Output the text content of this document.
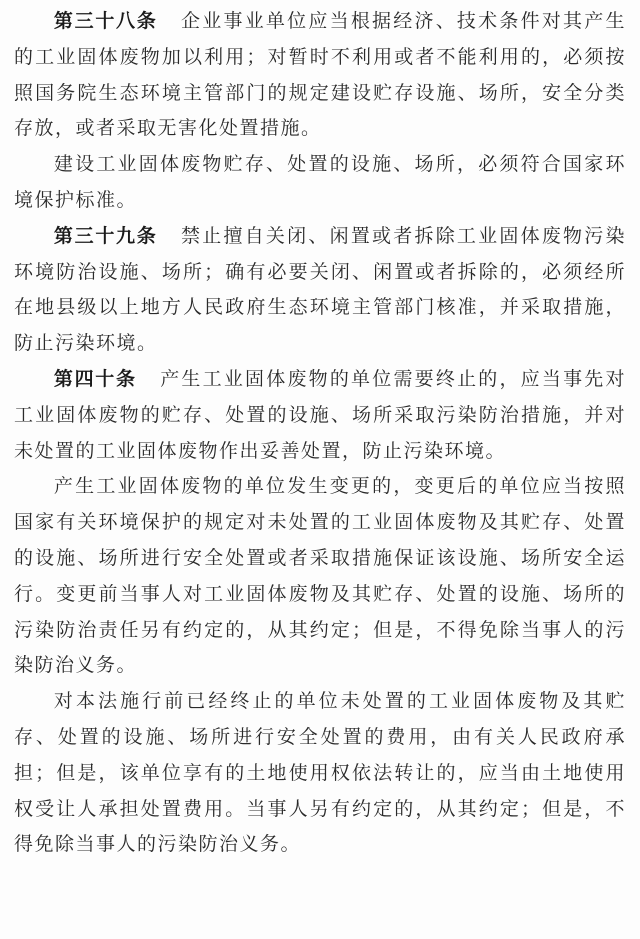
第三十八条 企业事业单位应当根据经济、技术条件对其产生的工业固体废物加以利用；对暂时不利用或者不能利用的，必须按照国务院生态环境主管部门的规定建设贮存设施、场所，安全分类存放，或者采取无害化处置措施。

建设工业固体废物贮存、处置的设施、场所，必须符合国家环境保护标准。

第三十九条 禁止擅自关闭、闲置或者拆除工业固体废物污染环境防治设施、场所；确有必要关闭、闲置或者拆除的，必须经所在地县级以上地方人民政府生态环境主管部门核准，并采取措施，防止污染环境。

第四十条 产生工业固体废物的单位需要终止的，应当事先对工业固体废物的贮存、处置的设施、场所采取污染防治措施，并对未处置的工业固体废物作出妥善处置，防止污染环境。

产生工业固体废物的单位发生变更的，变更后的单位应当按照国家有关环境保护的规定对未处置的工业固体废物及其贮存、处置的设施、场所进行安全处置或者采取措施保证该设施、场所安全运行。变更前当事人对工业固体废物及其贮存、处置的设施、场所的污染防治责任另有约定的，从其约定；但是，不得免除当事人的污染防治义务。

对本法施行前已经终止的单位未处置的工业固体废物及其贮存、处置的设施、场所进行安全处置的费用，由有关人民政府承担；但是，该单位享有的土地使用权依法转让的，应当由土地使用权受让人承担处置费用。当事人另有约定的，从其约定；但是，不得免除当事人的污染防治义务。
